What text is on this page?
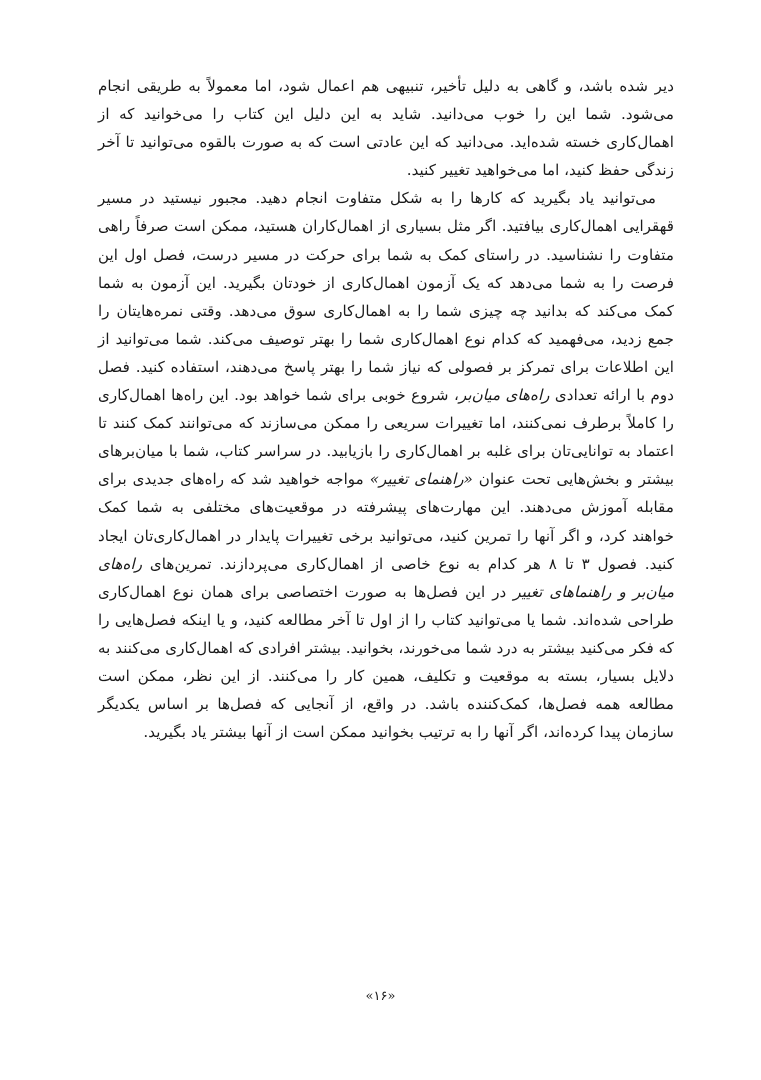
دیر شده باشد، و گاهی به دلیل تأخیر، تنبیهی هم اعمال شود، اما معمولاً به طریقی انجام می‌شود. شما این را خوب می‌دانید. شاید به این دلیل این کتاب را می‌خوانید که از اهمال‌کاری خسته شده‌اید. می‌دانید که این عادتی است که به صورت بالقوه می‌توانید تا آخر زندگی حفظ کنید، اما می‌خواهید تغییر کنید.

می‌توانید یاد بگیرید که کارها را به شکل متفاوت انجام دهید. مجبور نیستید در مسیر قهقرایی اهمال‌کاری بیافتید. اگر مثل بسیاری از اهمال‌کاران هستید، ممکن است صرفاً راهی متفاوت را نشناسید. در راستای کمک به شما برای حرکت در مسیر درست، فصل اول این فرصت را به شما می‌دهد که یک آزمون اهمال‌کاری از خودتان بگیرید. این آزمون به شما کمک می‌کند که بدانید چه چیزی شما را به اهمال‌کاری سوق می‌دهد. وقتی نمره‌هایتان را جمع زدید، می‌فهمید که کدام نوع اهمال‌کاری شما را بهتر توصیف می‌کند. شما می‌توانید از این اطلاعات برای تمرکز بر فصولی که نیاز شما را بهتر پاسخ می‌دهند، استفاده کنید. فصل دوم با ارائه تعدادی راه‌های میان‌بر، شروع خوبی برای شما خواهد بود. این راه‌ها اهمال‌کاری را کاملاً برطرف نمی‌کنند، اما تغییرات سریعی را ممکن می‌سازند که می‌توانند کمک کنند تا اعتماد به توانایی‌تان برای غلبه بر اهمال‌کاری را بازیابید. در سراسر کتاب، شما با میان‌برهای بیشتر و بخش‌هایی تحت عنوان «راهنمای تغییر» مواجه خواهید شد که راه‌های جدیدی برای مقابله آموزش می‌دهند. این مهارت‌های پیشرفته در موقعیت‌های مختلفی به شما کمک خواهند کرد، و اگر آنها را تمرین کنید، می‌توانید برخی تغییرات پایدار در اهمال‌کاری‌تان ایجاد کنید. فصول ۳ تا ۸ هر کدام به نوع خاصی از اهمال‌کاری می‌پردازند. تمرین‌های راه‌های میان‌بر و راهنماهای تغییر در این فصل‌ها به صورت اختصاصی برای همان نوع اهمال‌کاری طراحی شده‌اند. شما یا می‌توانید کتاب را از اول تا آخر مطالعه کنید، و یا اینکه فصل‌هایی را که فکر می‌کنید بیشتر به درد شما می‌خورند، بخوانید. بیشتر افرادی که اهمال‌کاری می‌کنند به دلایل بسیار، بسته به موقعیت و تکلیف، همین کار را می‌کنند. از این نظر، ممکن است مطالعه همه فصل‌ها، کمک‌کننده باشد. در واقع، از آنجایی که فصل‌ها بر اساس یکدیگر سازمان پیدا کرده‌اند، اگر آنها را به ترتیب بخوانید ممکن است از آنها بیشتر یاد بگیرید.

«۱۶»
